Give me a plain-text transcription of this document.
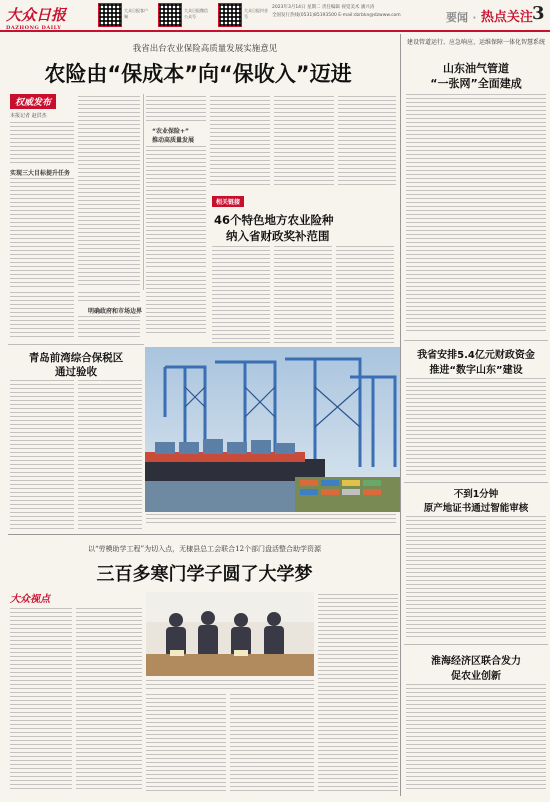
大众日报
DAZHONG DAILY
大众日报客户端
大众日报微信公众号
大众日报抖音号
2023年3月14日 星期二 责任编辑 视觉美术 潘兴涛
全国发行热线(0531)85193500 E-mail:dzrbkn@dzwww.com	要闻 · 热点关注 3
我省出台农业保险高质量发展实施意见
农险由“保成本”向“保收入”迈进
权威发布
本报记者 赵洪杰
实现三大目标提升任务
“农业保险+”
推动高质量发展
相关链接
46个特色地方农业险种
纳入省财政奖补范围
明确政府和市场边界
青岛前湾综合保税区
通过验收
以“劳模助学工程”为切入点，无棣县总工会联合12个部门盘活整合助学资源
三百多寒门学子圆了大学梦
大众视点
建设管道运行、应急响应、运维保障一体化智慧系统
山东油气管道
“一张网”全面建成
我省安排5.4亿元财政资金
推进“数字山东”建设
不到1分钟
原产地证书通过智能审核
淮海经济区联合发力
促农业创新
